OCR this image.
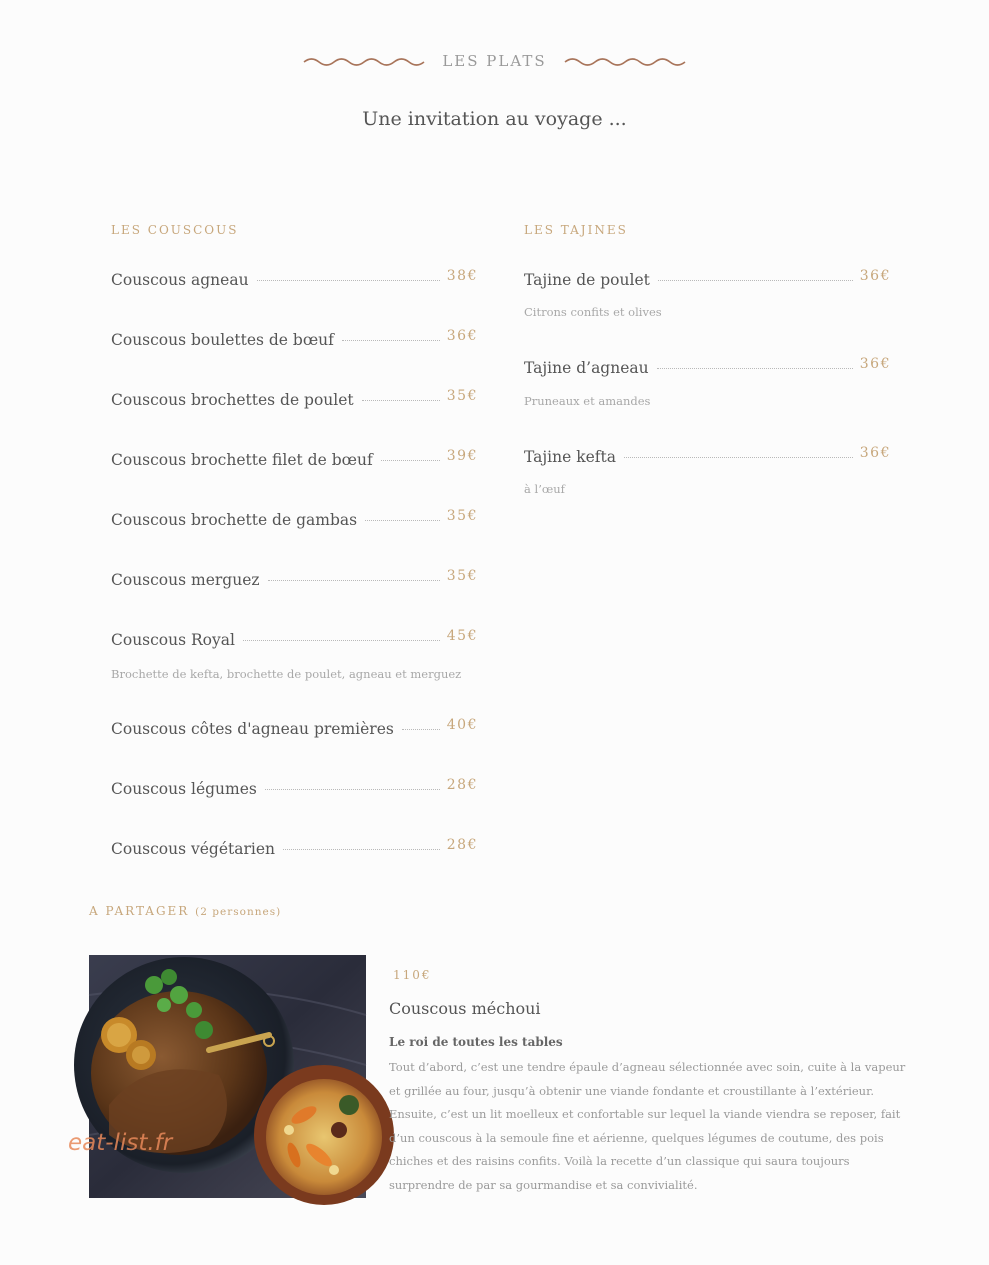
LES PLATS
Une invitation au voyage ...
LES COUSCOUS	LES TAJINES
Couscous agneau	38€
Couscous boulettes de bœuf	36€
Couscous brochettes de poulet	35€
Couscous brochette filet de bœuf	39€
Couscous brochette de gambas	35€
Couscous merguez	35€
Couscous Royal	45€
Brochette de kefta, brochette de poulet, agneau et merguez
Couscous côtes d'agneau premières	40€
Couscous légumes	28€
Couscous végétarien	28€
Tajine de poulet	36€
Citrons confits et olives
Tajine d’agneau	36€
Pruneaux et amandes
Tajine kefta	36€
à l’œuf
A PARTAGER (2 personnes)
eat-list.fr
110€
Couscous méchoui
Le roi de toutes les tables
Tout d’abord, c’est une tendre épaule d’agneau sélectionnée avec soin, cuite à la vapeur et grillée au four, jusqu’à obtenir une viande fondante et croustillante à l’extérieur. Ensuite, c’est un lit moelleux et confortable sur lequel la viande viendra se reposer, fait d’un couscous à la semoule fine et aérienne, quelques légumes de coutume, des pois chiches et des raisins confits. Voilà la recette d’un classique qui saura toujours surprendre de par sa gourmandise et sa convivialité.
